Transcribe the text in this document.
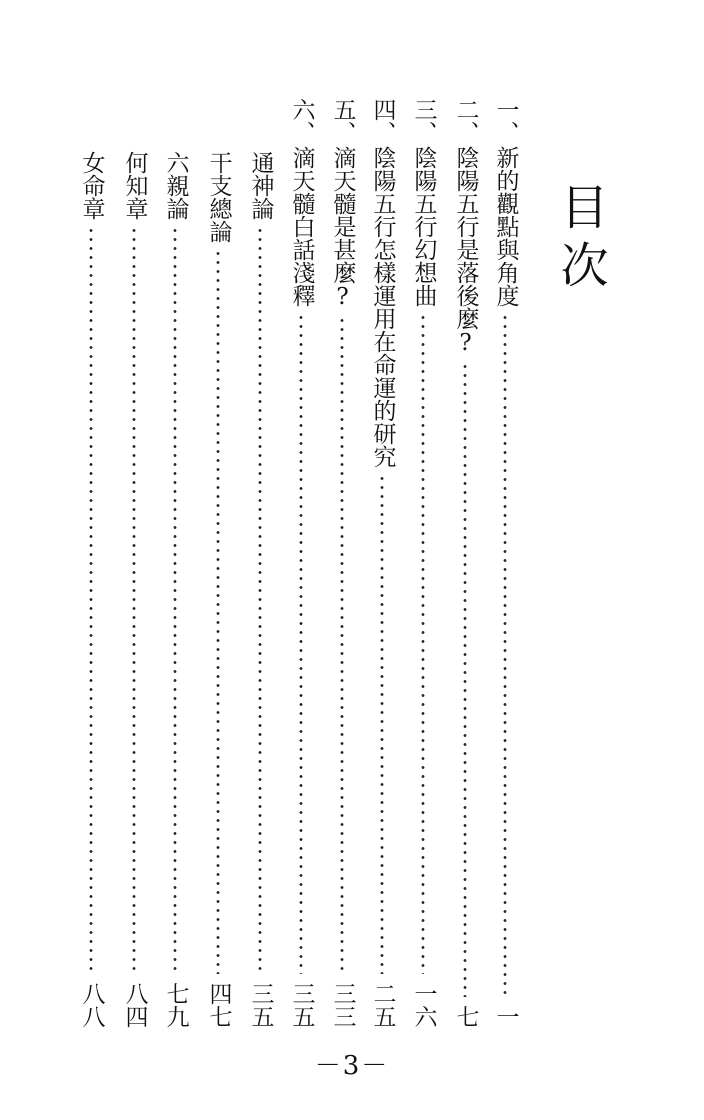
目次
一、
新的觀點與角度
一
二、
陰陽五行是落後麼?
七
三、
陰陽五行幻想曲
一六
四、
陰陽五行怎樣運用在命運的研究
二五
五、
滴天髓是甚麼?
三三
六、
滴天髓白話淺釋
三五
通神論
三五
干支總論
四七
六親論
七九
何知章
八四
女命章
八八
－3－
